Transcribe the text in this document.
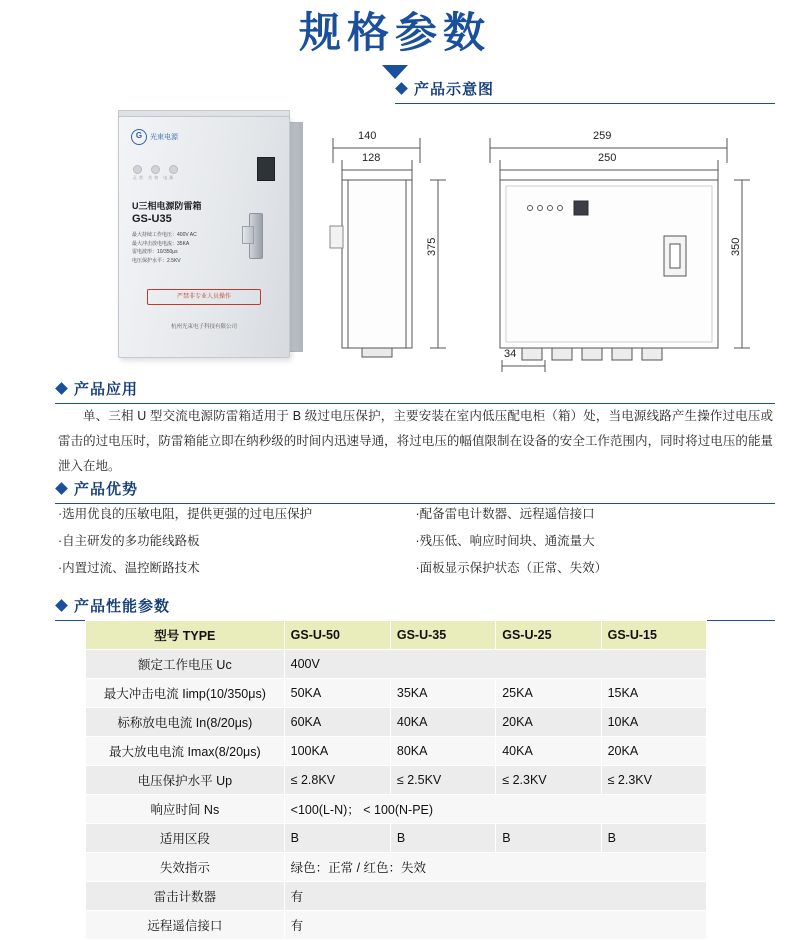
规格参数
产品示意图
G	光束电源
正常 失效 电源
U三相电源防雷箱
GS-U35
最大持续工作电压：400V AC
最大冲击放电电流：35KA
雷电波形：10/350μs
电压保护水平：2.5KV
严禁非专业人员操作
杭州光束电子科技有限公司
140
128
375
259
250
350
34
产品应用

单、三相 U 型交流电源防雷箱适用于 B 级过电压保护，主要安装在室内低压配电柜（箱）处，当电源线路产生操作过电压或雷击的过电压时，防雷箱能立即在纳秒级的时间内迅速导通，将过电压的幅值限制在设备的安全工作范围内，同时将过电压的能量泄入在地。

产品优势
·选用优良的压敏电阻，提供更强的过电压保护	·配备雷电计数器、远程遥信接口
·自主研发的多功能线路板	·残压低、响应时间块、通流量大
·内置过流、温控断路技术	·面板显示保护状态（正常、失效）
产品性能参数
型号 TYPE	GS-U-50	GS-U-35	GS-U-25	GS-U-15
额定工作电压 Uc	400V			
最大冲击电流 Iimp(10/350μs)	50KA	35KA	25KA	15KA
标称放电电流 In(8/20μs)	60KA	40KA	20KA	10KA
最大放电电流 Imax(8/20μs)	100KA	80KA	40KA	20KA
电压保护水平 Up	≤ 2.8KV	≤ 2.5KV	≤ 2.3KV	≤ 2.3KV
响应时间 Ns	<100(L-N)； < 100(N-PE)			
适用区段	B	B	B	B
失效指示	绿色：正常 / 红色：失效			
雷击计数器	有			
远程遥信接口	有			
